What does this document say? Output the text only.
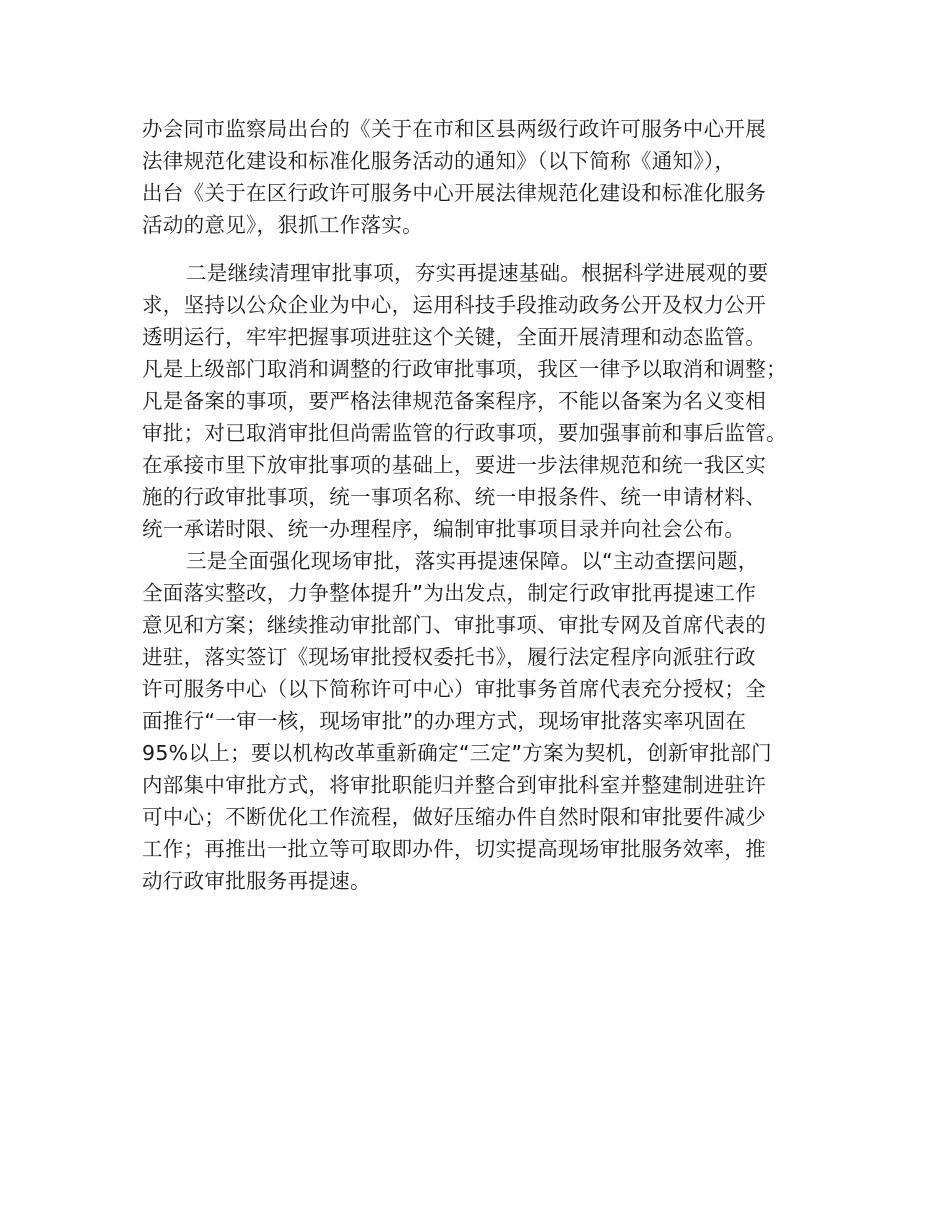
办会同市监察局出台的《关于在市和区县两级行政许可服务中心开展
法律规范化建设和标准化服务活动的通知》（以下简称《通知》），
出台《关于在区行政许可服务中心开展法律规范化建设和标准化服务
活动的意见》，狠抓工作落实。
二是继续清理审批事项，夯实再提速基础。根据科学进展观的要
求，坚持以公众企业为中心，运用科技手段推动政务公开及权力公开
透明运行，牢牢把握事项进驻这个关键，全面开展清理和动态监管。
凡是上级部门取消和调整的行政审批事项，我区一律予以取消和调整；
凡是备案的事项，要严格法律规范备案程序，不能以备案为名义变相
审批；对已取消审批但尚需监管的行政事项，要加强事前和事后监管。
在承接市里下放审批事项的基础上，要进一步法律规范和统一我区实
施的行政审批事项，统一事项名称、统一申报条件、统一申请材料、
统一承诺时限、统一办理程序，编制审批事项目录并向社会公布。
三是全面强化现场审批，落实再提速保障。以“主动查摆问题，
全面落实整改，力争整体提升”为出发点，制定行政审批再提速工作
意见和方案；继续推动审批部门、审批事项、审批专网及首席代表的
进驻，落实签订《现场审批授权委托书》，履行法定程序向派驻行政
许可服务中心（以下简称许可中心）审批事务首席代表充分授权；全
面推行“一审一核，现场审批”的办理方式，现场审批落实率巩固在
95%以上；要以机构改革重新确定“三定”方案为契机，创新审批部门
内部集中审批方式，将审批职能归并整合到审批科室并整建制进驻许
可中心；不断优化工作流程，做好压缩办件自然时限和审批要件减少
工作；再推出一批立等可取即办件，切实提高现场审批服务效率，推
动行政审批服务再提速。
